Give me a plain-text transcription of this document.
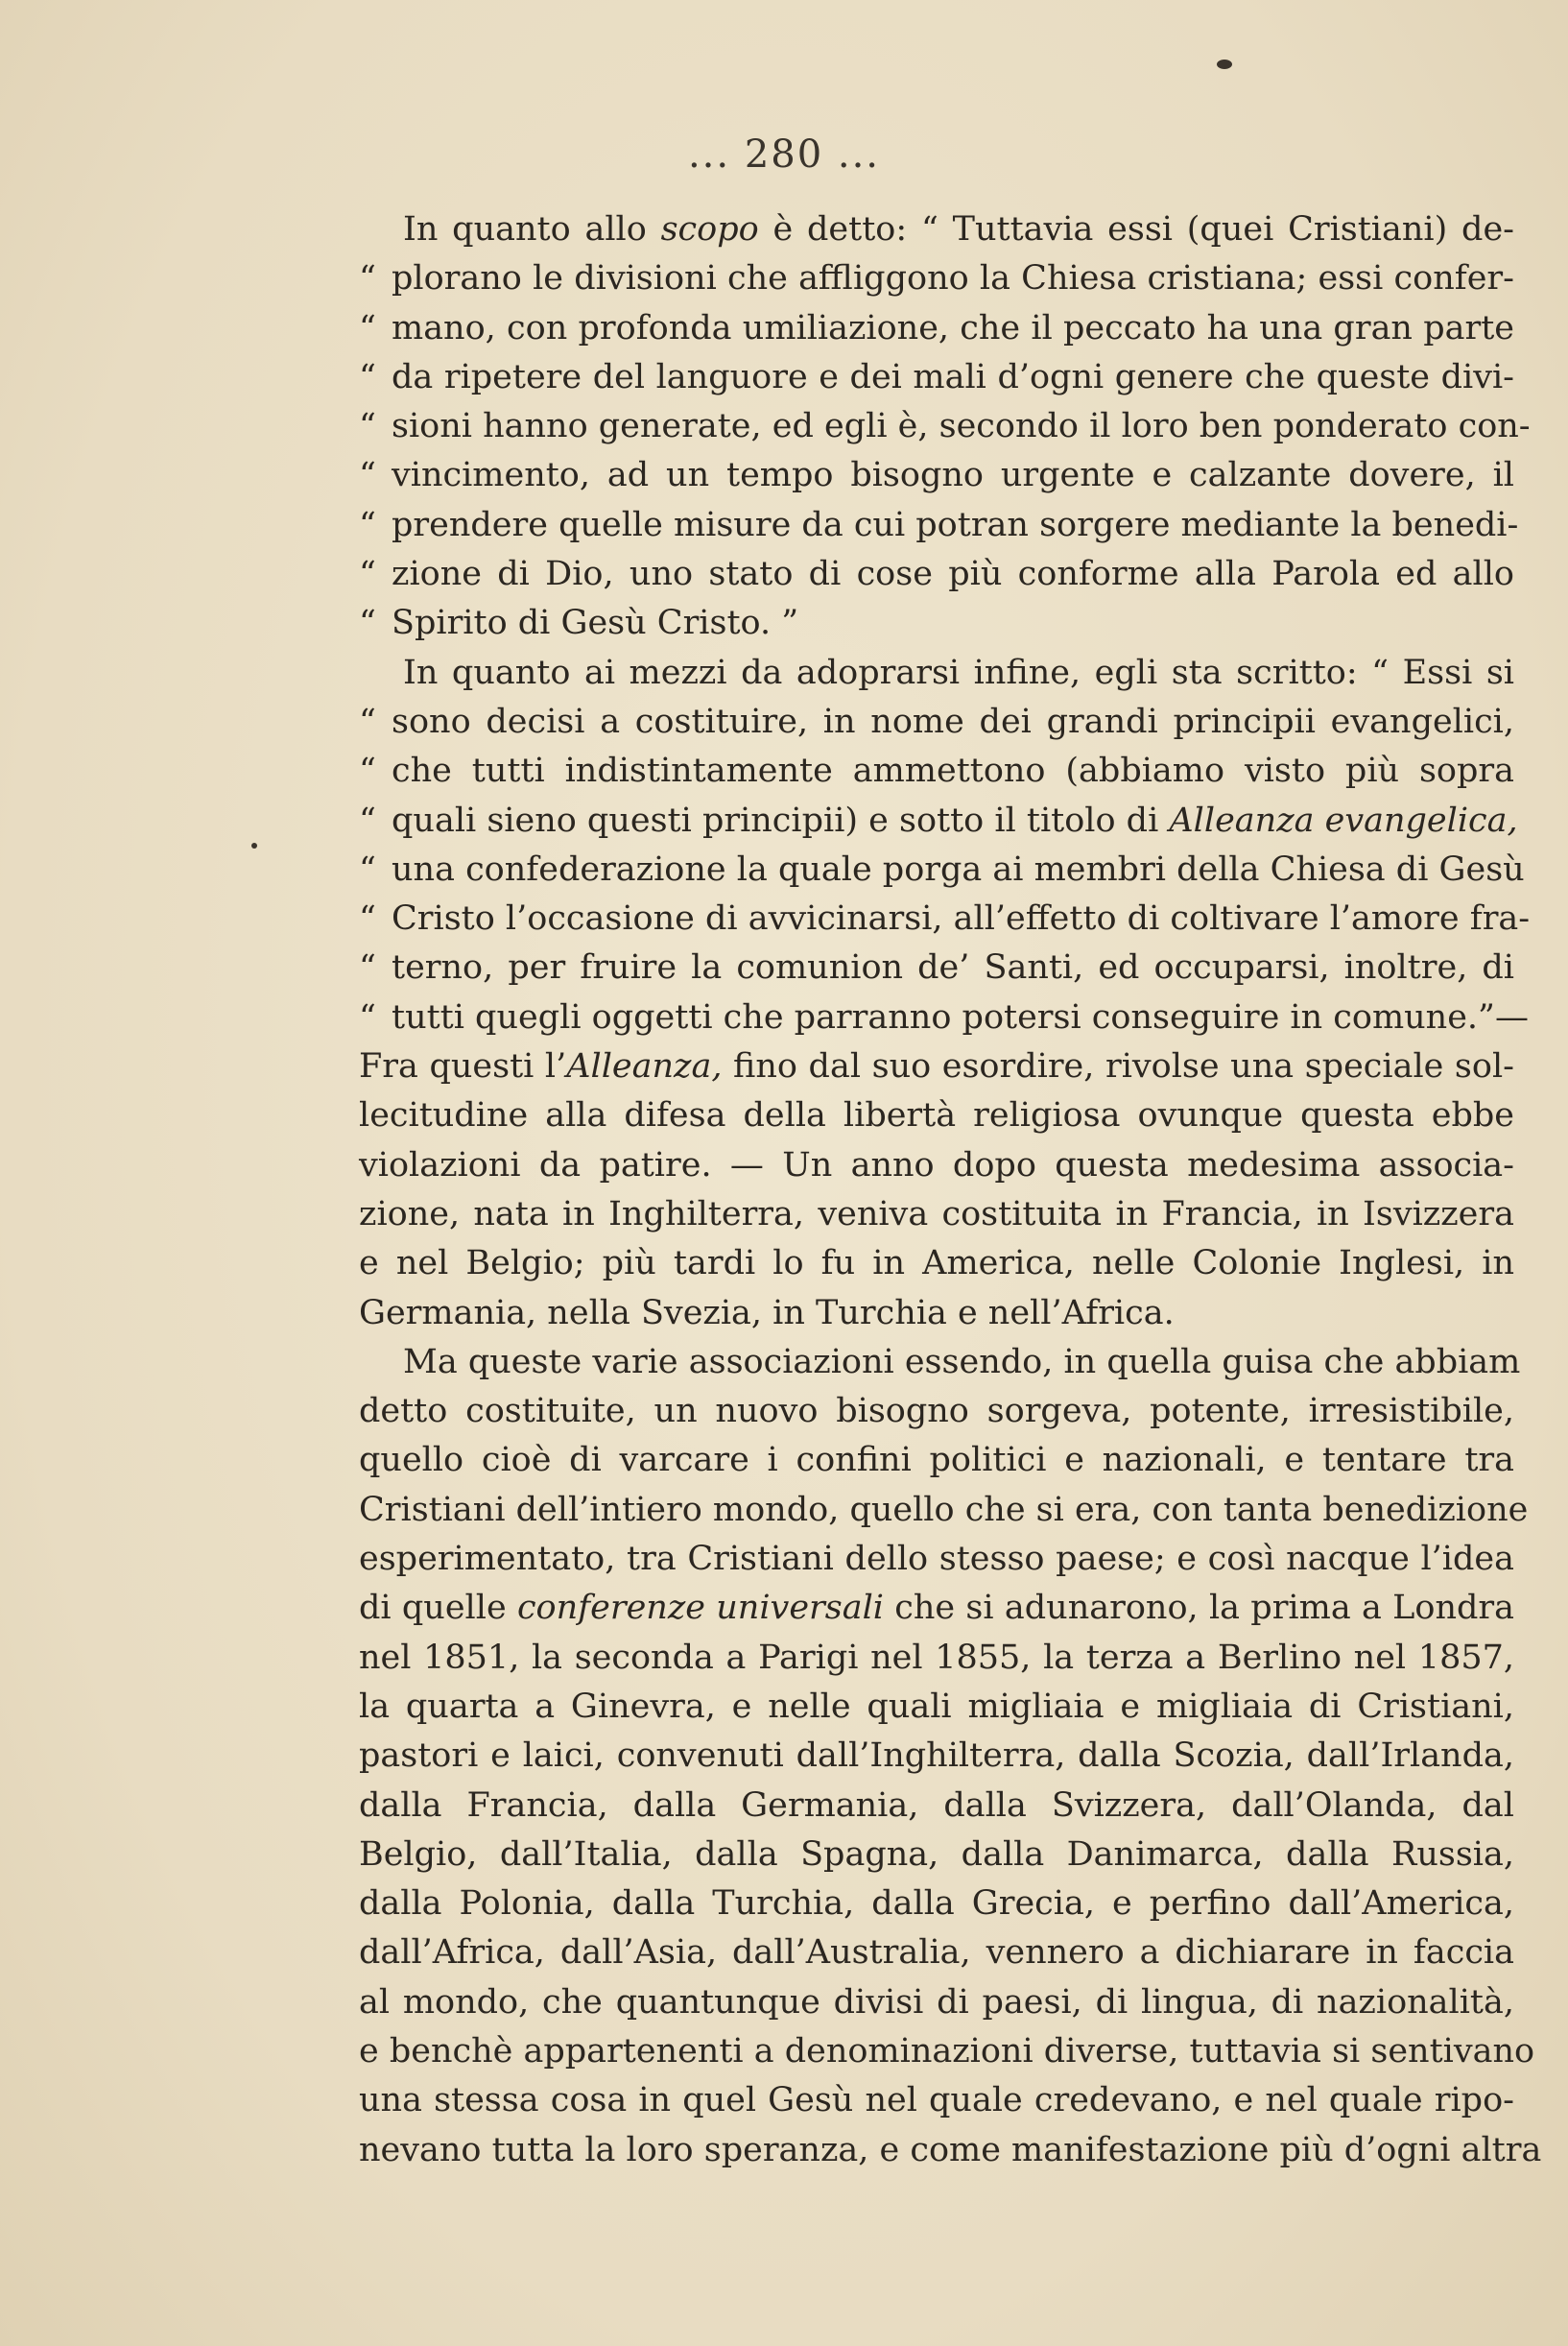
... 280 ...
In quanto allo scopo è detto: “ Tuttavia essi (quei Cristiani) de-
“ plorano le divisioni che affliggono la Chiesa cristiana; essi confer-
“ mano, con profonda umiliazione, che il peccato ha una gran parte
“ da ripetere del languore e dei mali d’ogni genere che queste divi-
“ sioni hanno generate, ed egli è, secondo il loro ben ponderato con-
“ vincimento, ad un tempo bisogno urgente e calzante dovere, il
“ prendere quelle misure da cui potran sorgere mediante la benedi-
“ zione di Dio, uno stato di cose più conforme alla Parola ed allo
“ Spirito di Gesù Cristo. ”
In quanto ai mezzi da adoprarsi infine, egli sta scritto: “ Essi si
“ sono decisi a costituire, in nome dei grandi principii evangelici,
“ che tutti indistintamente ammettono (abbiamo visto più sopra
“ quali sieno questi principii) e sotto il titolo di Alleanza evangelica,
“ una confederazione la quale porga ai membri della Chiesa di Gesù
“ Cristo l’occasione di avvicinarsi, all’effetto di coltivare l’amore fra-
“ terno, per fruire la comunion de’ Santi, ed occuparsi, inoltre, di
“ tutti quegli oggetti che parranno potersi conseguire in comune.”—
Fra questi l’Alleanza, fino dal suo esordire, rivolse una speciale sol-
lecitudine alla difesa della libertà religiosa ovunque questa ebbe
violazioni da patire. — Un anno dopo questa medesima associa-
zione, nata in Inghilterra, veniva costituita in Francia, in Isvizzera
e nel Belgio; più tardi lo fu in America, nelle Colonie Inglesi, in
Germania, nella Svezia, in Turchia e nell’Africa.
Ma queste varie associazioni essendo, in quella guisa che abbiam
detto costituite, un nuovo bisogno sorgeva, potente, irresistibile,
quello cioè di varcare i confini politici e nazionali, e tentare tra
Cristiani dell’intiero mondo, quello che si era, con tanta benedizione
esperimentato, tra Cristiani dello stesso paese; e così nacque l’idea
di quelle conferenze universali che si adunarono, la prima a Londra
nel 1851, la seconda a Parigi nel 1855, la terza a Berlino nel 1857,
la quarta a Ginevra, e nelle quali migliaia e migliaia di Cristiani,
pastori e laici, convenuti dall’Inghilterra, dalla Scozia, dall’Irlanda,
dalla Francia, dalla Germania, dalla Svizzera, dall’Olanda, dal
Belgio, dall’Italia, dalla Spagna, dalla Danimarca, dalla Russia,
dalla Polonia, dalla Turchia, dalla Grecia, e perfino dall’America,
dall’Africa, dall’Asia, dall’Australia, vennero a dichiarare in faccia
al mondo, che quantunque divisi di paesi, di lingua, di nazionalità,
e benchè appartenenti a denominazioni diverse, tuttavia si sentivano
una stessa cosa in quel Gesù nel quale credevano, e nel quale ripo-
nevano tutta la loro speranza, e come manifestazione più d’ogni altra
